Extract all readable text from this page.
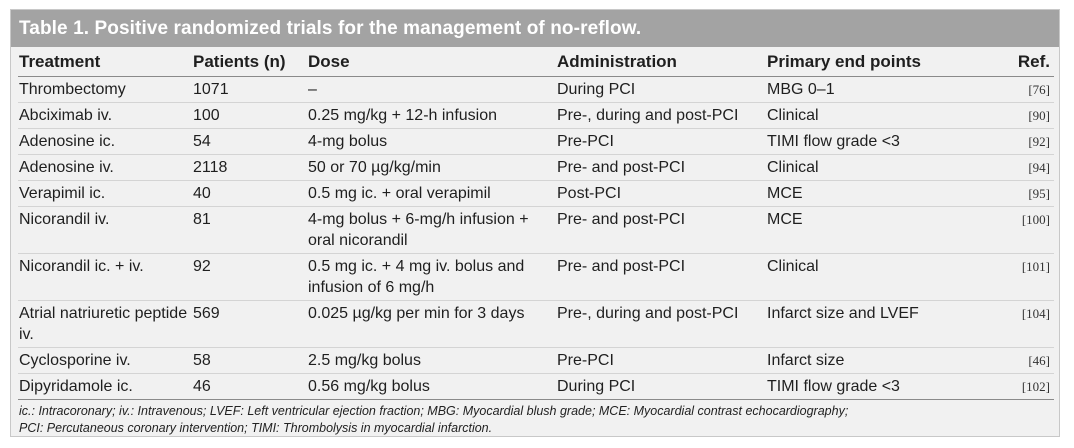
Table 1. Positive randomized trials for the management of no-reflow.
Treatment	Patients (n)	Dose	Administration	Primary end points	Ref.
Thrombectomy	1071	–	During PCI	MBG 0–1	[76]
Abciximab iv.	100	0.25 mg/kg + 12-h infusion	Pre-, during and post-PCI	Clinical	[90]
Adenosine ic.	54	4-mg bolus	Pre-PCI	TIMI flow grade <3	[92]
Adenosine iv.	2118	50 or 70 µg/kg/min	Pre- and post-PCI	Clinical	[94]
Verapimil ic.	40	0.5 mg ic. + oral verapimil	Post-PCI	MCE	[95]
Nicorandil iv.	81	4-mg bolus + 6-mg/h infusion + oral nicorandil	Pre- and post-PCI	MCE	[100]
Nicorandil ic. + iv.	92	0.5 mg ic. + 4 mg iv. bolus and infusion of 6 mg/h	Pre- and post-PCI	Clinical	[101]
Atrial natriuretic peptide iv.	569	0.025 µg/kg per min for 3 days	Pre-, during and post-PCI	Infarct size and LVEF	[104]
Cyclosporine iv.	58	2.5 mg/kg bolus	Pre-PCI	Infarct size	[46]
Dipyridamole ic.	46	0.56 mg/kg bolus	During PCI	TIMI flow grade <3	[102]
ic.: Intracoronary; iv.: Intravenous; LVEF: Left ventricular ejection fraction; MBG: Myocardial blush grade; MCE: Myocardial contrast echocardiography;
PCI: Percutaneous coronary intervention; TIMI: Thrombolysis in myocardial infarction.
